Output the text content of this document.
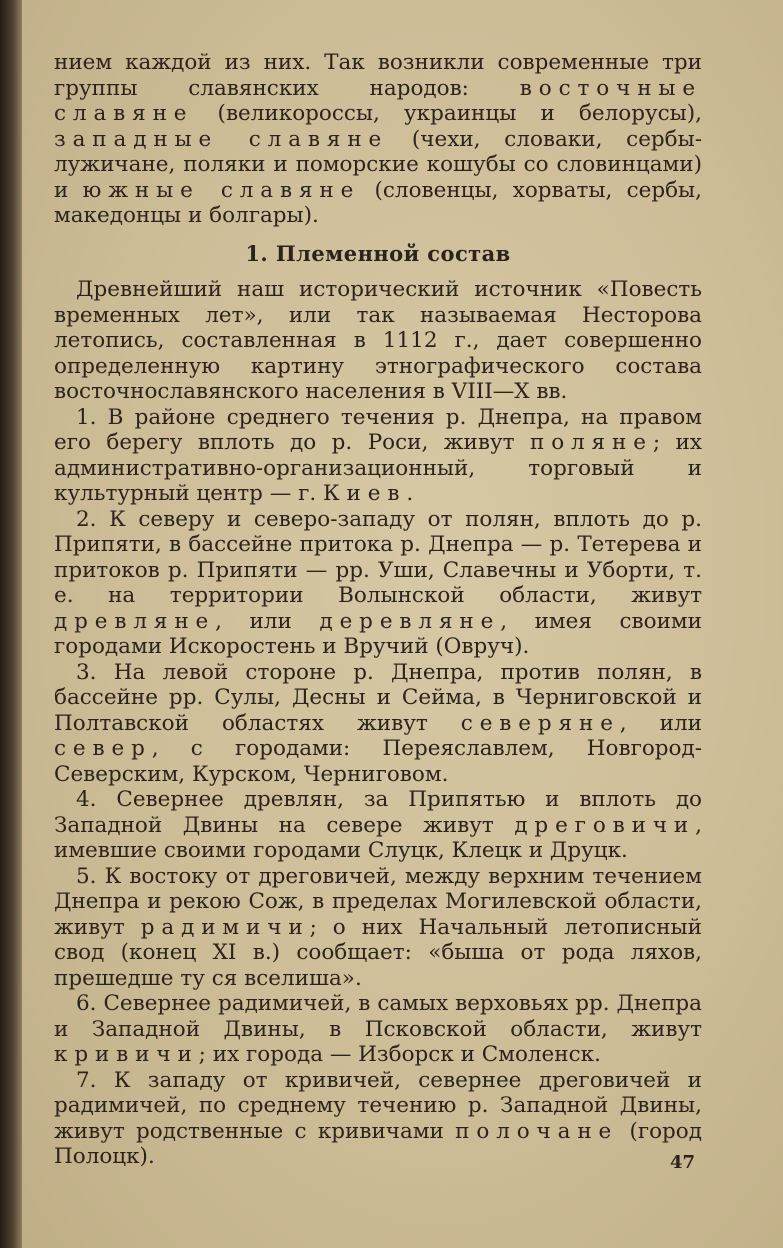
нием каждой из них. Так возникли современные три группы славянских народов: восточные славяне (великороссы, украинцы и белорусы), западные славяне (чехи, словаки, сербы-лужичане, поляки и поморские кошубы со словинцами) и южные славяне (словенцы, хорваты, сербы, македонцы и болгары).

1. Племенной состав

Древнейший наш исторический источник «Повесть временных лет», или так называемая Несторова летопись, составленная в 1112 г., дает совершенно определенную картину этнографического состава восточнославянского населения в VIII—X вв.

1. В районе среднего течения р. Днепра, на правом его берегу вплоть до р. Роси, живут поляне; их административно-организационный, торговый и культурный центр — г. Киев.

2. К северу и северо-западу от полян, вплоть до р. Припяти, в бассейне притока р. Днепра — р. Тетерева и притоков р. Припяти — рр. Уши, Славечны и Уборти, т. е. на территории Волынской области, живут древляне, или деревляне, имея своими городами Искоростень и Вручий (Овруч).

3. На левой стороне р. Днепра, против полян, в бассейне рр. Сулы, Десны и Сейма, в Черниговской и Полтавской областях живут северяне, или север, с городами: Переяславлем, Новгород-Северским, Курском, Черниговом.

4. Севернее древлян, за Припятью и вплоть до Западной Двины на севере живут дреговичи, имевшие своими городами Слуцк, Клецк и Друцк.

5. К востоку от дреговичей, между верхним течением Днепра и рекою Сож, в пределах Могилевской области, живут радимичи; о них Начальный летописный свод (конец XI в.) сообщает: «быша от рода ляхов, прешедше ту ся вселиша».

6. Севернее радимичей, в самых верховьях рр. Днепра и Западной Двины, в Псковской области, живут кривичи; их города — Изборск и Смоленск.

7. К западу от кривичей, севернее дреговичей и радимичей, по среднему течению р. Западной Двины, живут родственные с кривичами полочане (город Полоцк).	47
